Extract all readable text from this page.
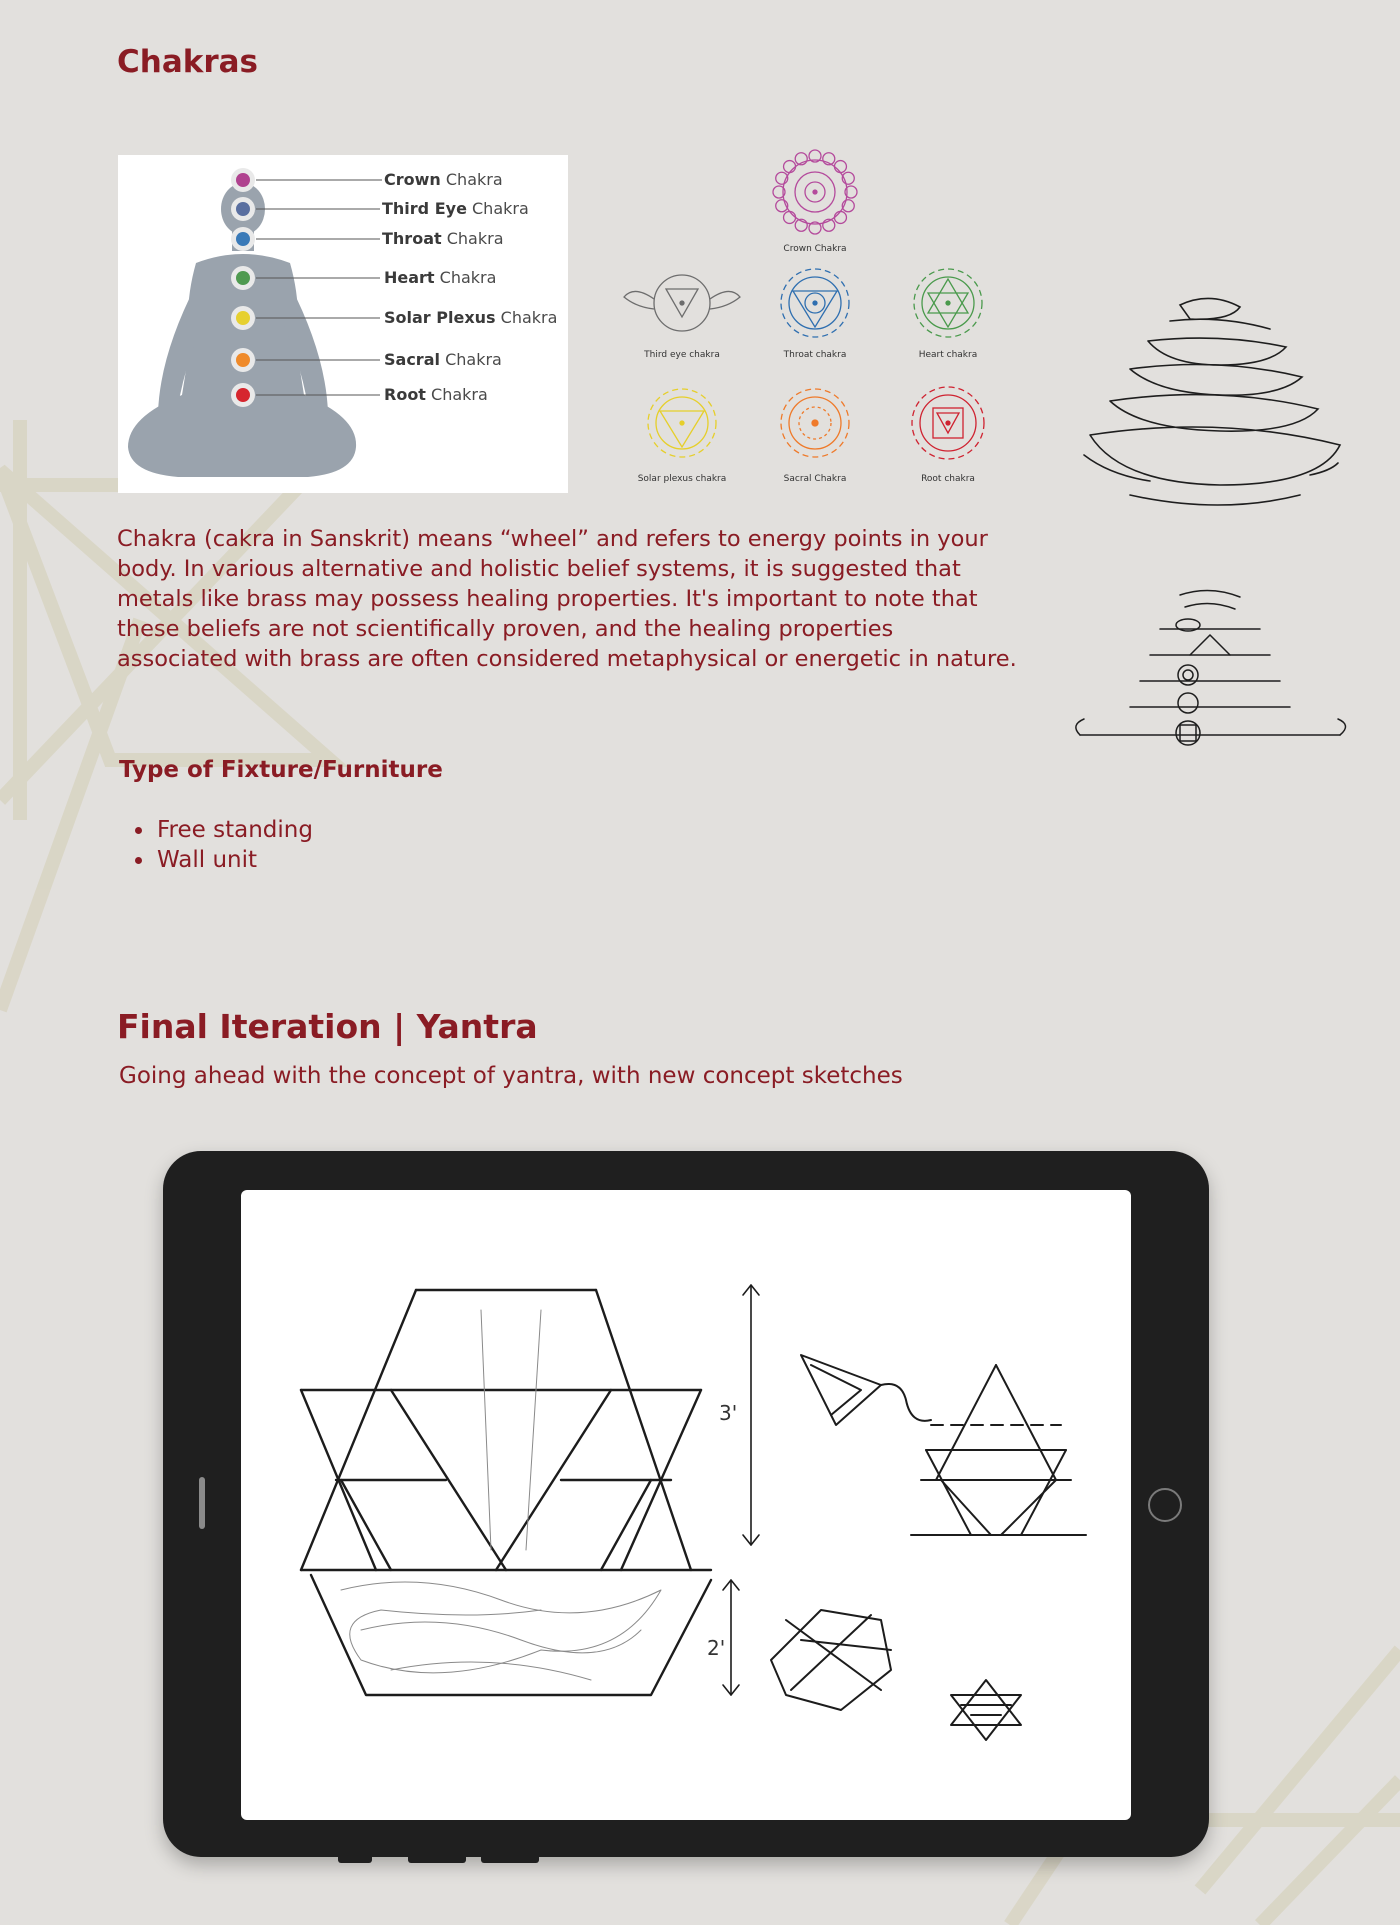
Chakras
Crown Chakra
Third Eye Chakra
Throat Chakra
Heart Chakra
Solar Plexus Chakra
Sacral Chakra
Root Chakra
Crown Chakra
Third eye chakra	Throat chakra	Heart chakra
Solar plexus chakra	Sacral Chakra	Root chakra

Chakra (cakra in Sanskrit) means “wheel” and refers to energy points in your body. In various alternative and holistic belief systems, it is suggested that metals like brass may possess healing properties. It's important to note that these beliefs are not scientifically proven, and the healing properties associated with brass are often considered metaphysical or energetic in nature.

Type of Fixture/Furniture
• Free standing
• Wall unit
Final Iteration | Yantra

Going ahead with the concept of yantra, with new concept sketches

3'
2'
